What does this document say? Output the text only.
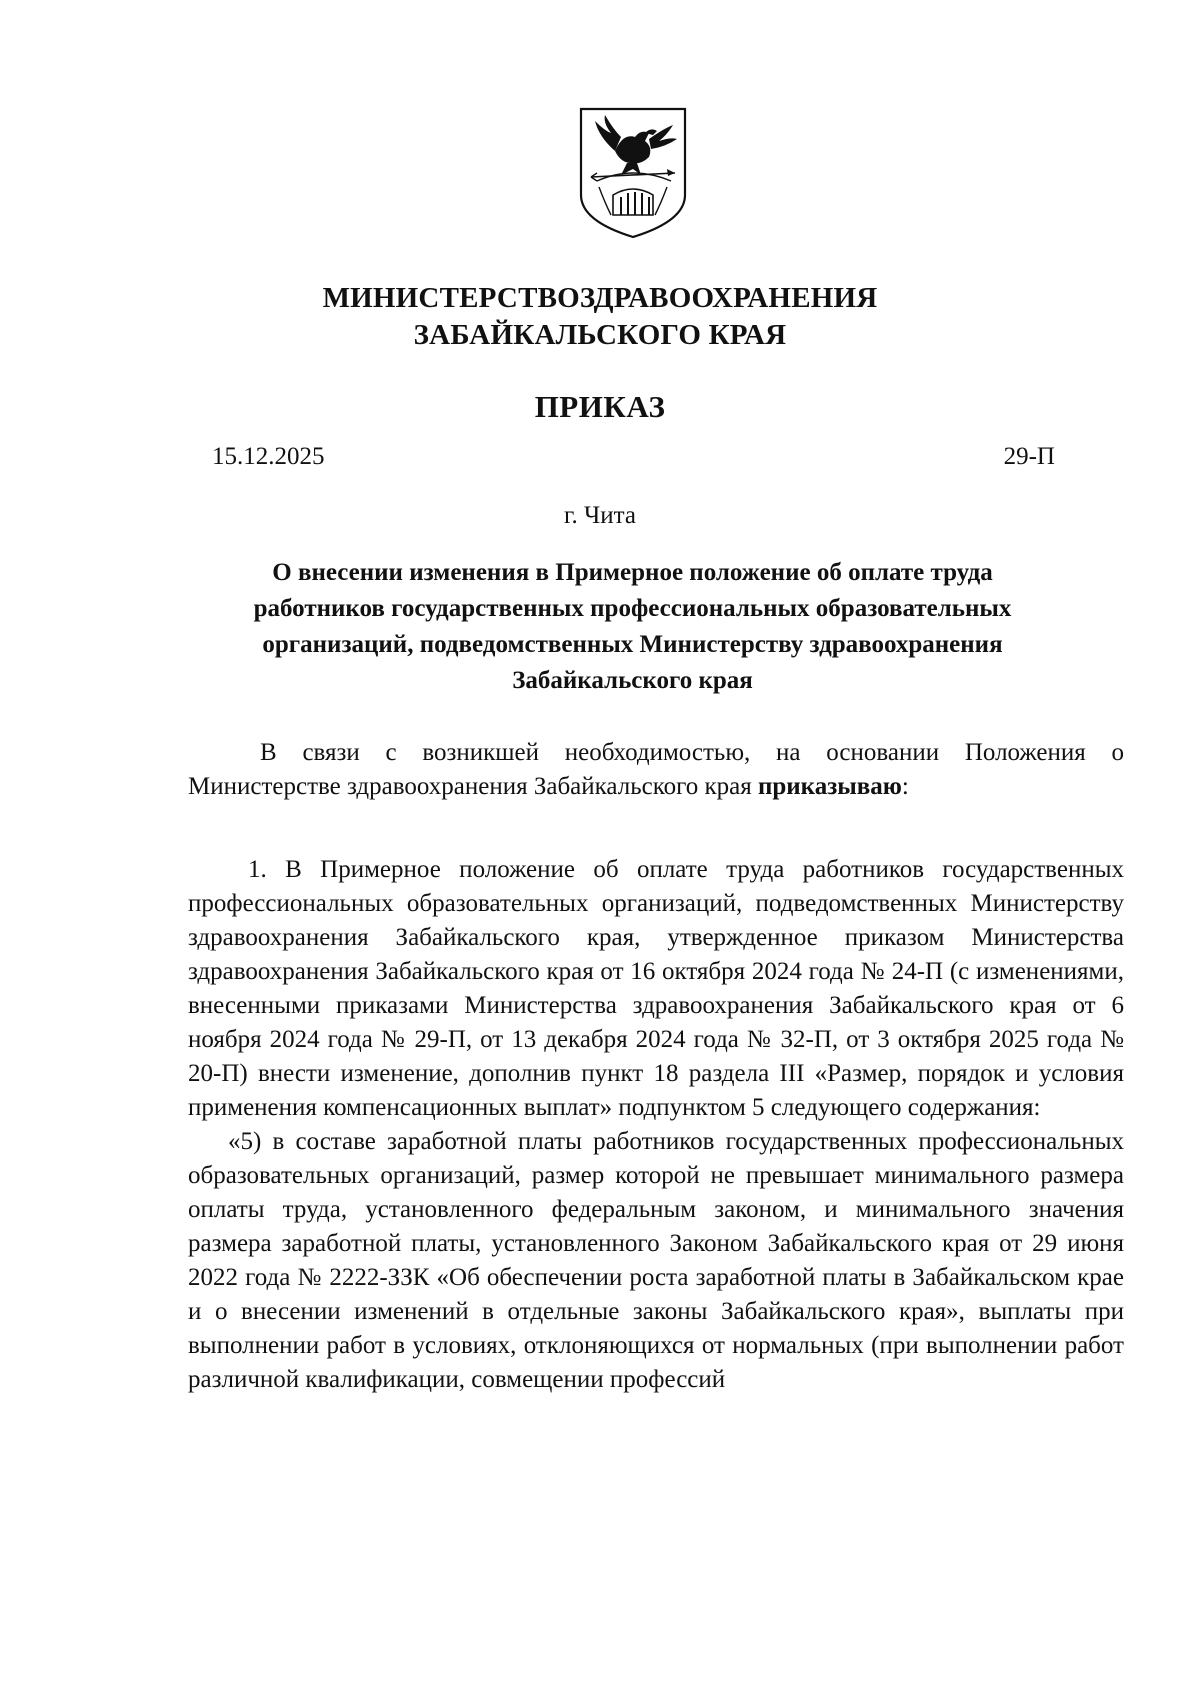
МИНИСТЕРСТВОЗДРАВООХРАНЕНИЯ
ЗАБАЙКАЛЬСКОГО КРАЯ
ПРИКАЗ
15.12.2025	29-П
г. Чита
О внесении изменения в Примерное положение об оплате труда
работников государственных профессиональных образовательных
организаций, подведомственных Министерству здравоохранения
Забайкальского края

В связи с возникшей необходимостью, на основании Положения о Министерстве здравоохранения Забайкальского края приказываю:

1. В Примерное положение об оплате труда работников государственных профессиональных образовательных организаций, подведомственных Министерству здравоохранения Забайкальского края, утвержденное приказом Министерства здравоохранения Забайкальского края от 16 октября 2024 года № 24-П (с изменениями, внесенными приказами Министерства здравоохранения Забайкальского края от 6 ноября 2024 года № 29-П, от 13 декабря 2024 года № 32-П, от 3 октября 2025 года № 20-П) внести изменение, дополнив пункт 18 раздела III «Размер, порядок и условия применения компенсационных выплат» подпунктом 5 следующего содержания:

«5) в составе заработной платы работников государственных профессиональных образовательных организаций, размер которой не превышает минимального размера оплаты труда, установленного федеральным законом, и минимального значения размера заработной платы, установленного Законом Забайкальского края от 29 июня 2022 года № 2222-ЗЗК «Об обеспечении роста заработной платы в Забайкальском крае и о внесении изменений в отдельные законы Забайкальского края», выплаты при выполнении работ в условиях, отклоняющихся от нормальных (при выполнении работ различной квалификации, совмещении профессий
